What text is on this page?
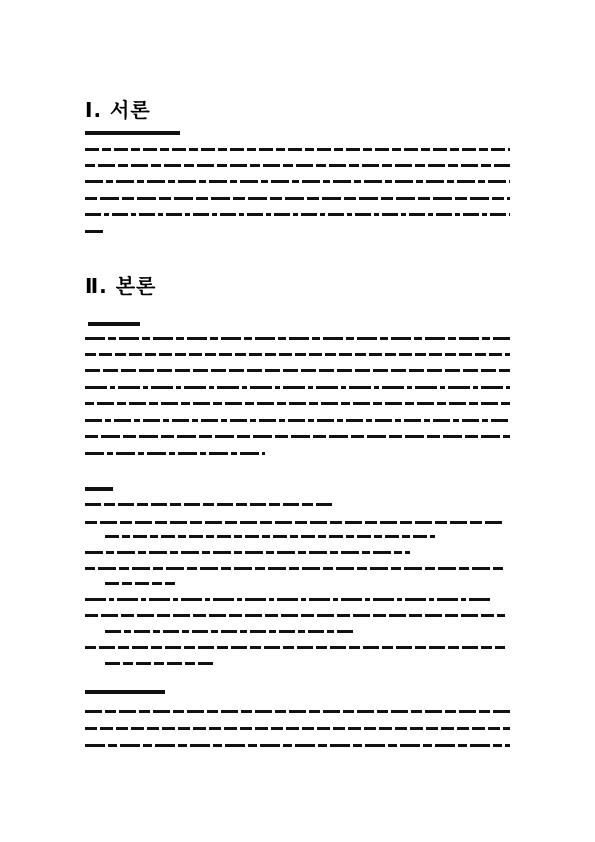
Ⅰ. 서론
Ⅱ. 본론
